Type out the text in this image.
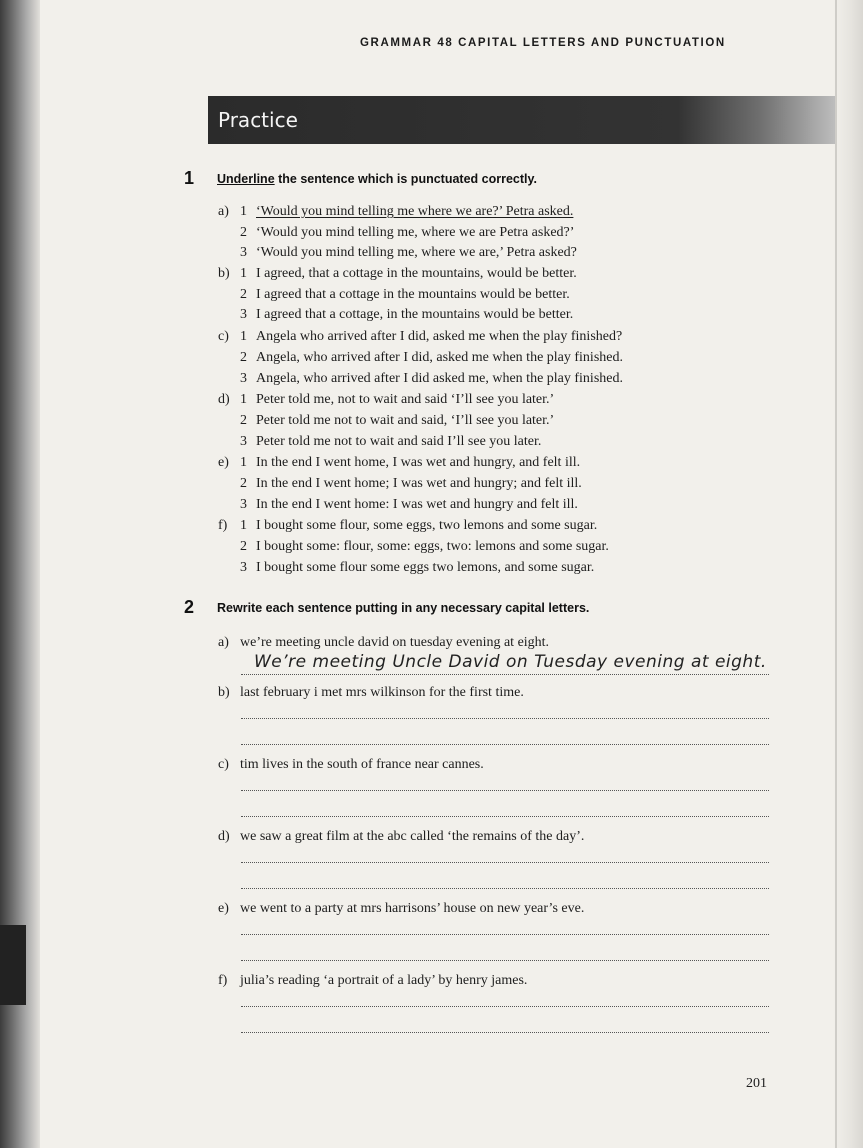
GRAMMAR 48 CAPITAL LETTERS AND PUNCTUATION
Practice
1 Underline the sentence which is punctuated correctly.
a) 1 ‘Would you mind telling me where we are?’ Petra asked.
2 ‘Would you mind telling me, where we are Petra asked?’
3 ‘Would you mind telling me, where we are,’ Petra asked?
b) 1 I agreed, that a cottage in the mountains, would be better.
2 I agreed that a cottage in the mountains would be better.
3 I agreed that a cottage, in the mountains would be better.
c) 1 Angela who arrived after I did, asked me when the play finished?
2 Angela, who arrived after I did, asked me when the play finished.
3 Angela, who arrived after I did asked me, when the play finished.
d) 1 Peter told me, not to wait and said ‘I’ll see you later.’
2 Peter told me not to wait and said, ‘I’ll see you later.’
3 Peter told me not to wait and said I’ll see you later.
e) 1 In the end I went home, I was wet and hungry, and felt ill.
2 In the end I went home; I was wet and hungry; and felt ill.
3 In the end I went home: I was wet and hungry and felt ill.
f) 1 I bought some flour, some eggs, two lemons and some sugar.
2 I bought some: flour, some: eggs, two: lemons and some sugar.
3 I bought some flour some eggs two lemons, and some sugar.
2 Rewrite each sentence putting in any necessary capital letters.
a) we’re meeting uncle david on tuesday evening at eight.
We’re meeting Uncle David on Tuesday evening at eight.
b) last february i met mrs wilkinson for the first time.
c) tim lives in the south of france near cannes.
d) we saw a great film at the abc called ‘the remains of the day’.
e) we went to a party at mrs harrisons’ house on new year’s eve.
f) julia’s reading ‘a portrait of a lady’ by henry james.
201
